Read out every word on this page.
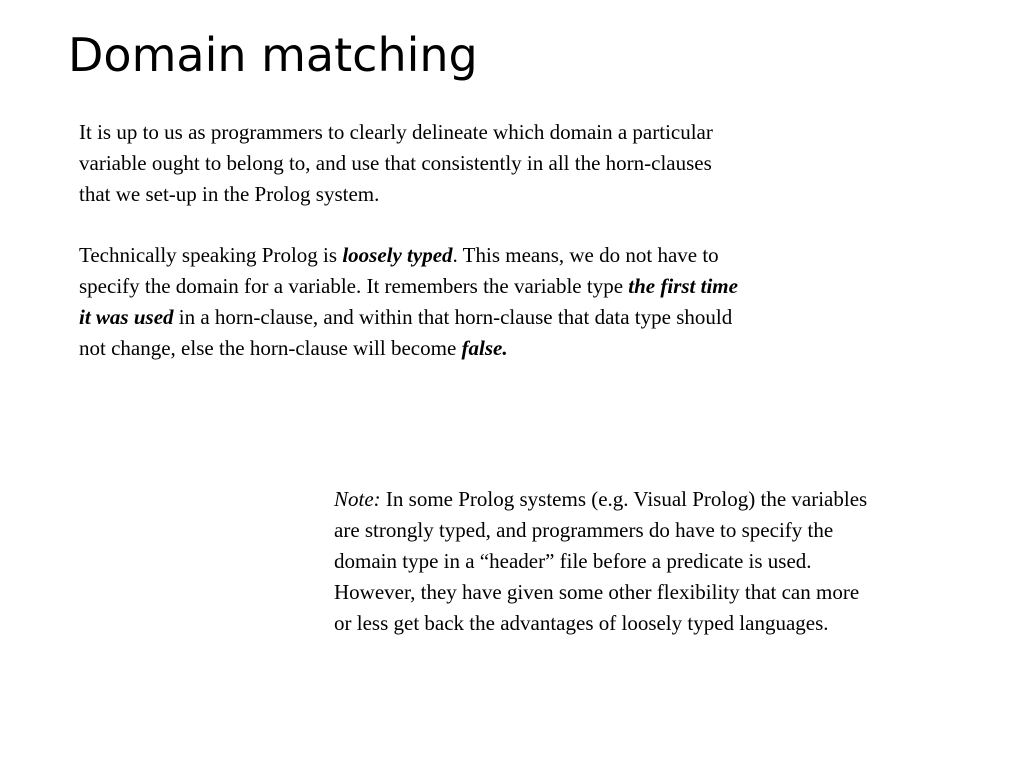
Domain matching
It is up to us as programmers to clearly delineate which domain a particular
variable ought to belong to, and use that consistently in all the horn-clauses
that we set-up in the Prolog system.
Technically speaking Prolog is loosely typed. This means, we do not have to
specify the domain for a variable. It remembers the variable type the first time
it was used in a horn-clause, and within that horn-clause that data type should
not change, else the horn-clause will become false.
Note: In some Prolog systems (e.g. Visual Prolog) the variables
are strongly typed, and programmers do have to specify the
domain type in a “header” file before a predicate is used.
However, they have given some other flexibility that can more
or less get back the advantages of loosely typed languages.
